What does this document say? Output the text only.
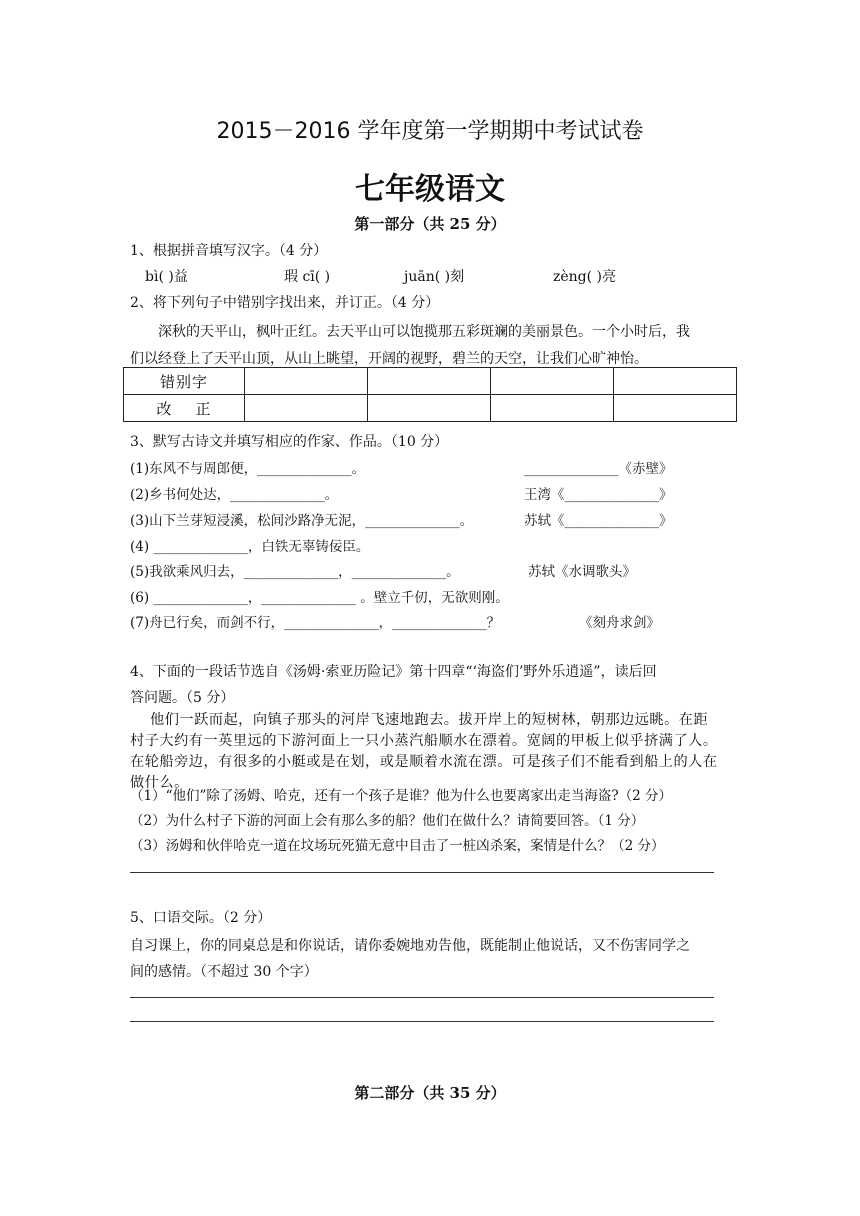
2015－2016 学年度第一学期期中考试试卷
七年级语文
第一部分（共 25 分）
1、根据拼音填写汉字。（4 分）
bì( )益	瑕 cī( )	juān( )刻	zèng( )亮
2、将下列句子中错别字找出来，并订正。（4 分）
深秋的天平山，枫叶正红。去天平山可以饱揽那五彩斑斓的美丽景色。一个小时后，我
们以经登上了天平山顶，从山上眺望，开阔的视野，碧兰的天空，让我们心旷神怡。
错别字				
改    正				
3、默写古诗文并填写相应的作家、作品。（10 分）
(1)东风不与周郎便，______________。	______________《赤壁》
(2)乡书何处达，______________。	王湾《______________》
(3)山下兰芽短浸溪，松间沙路净无泥，______________。	苏轼《______________》
(4) ______________，白铁无辜铸佞臣。
(5)我欲乘风归去，______________，______________。	苏轼《水调歌头》
(6) ______________，______________ 。壁立千仞，无欲则刚。
(7)舟已行矣，而剑不行，______________，______________？	《刻舟求剑》
4、下面的一段话节选自《汤姆·索亚历险记》第十四章“‘海盗们’野外乐逍遥”，读后回
答问题。（5 分）
他们一跃而起，向镇子那头的河岸飞速地跑去。拔开岸上的短树林，朝那边远眺。在距
村子大约有一英里远的下游河面上一只小蒸汽船顺水在漂着。宽阔的甲板上似乎挤满了人。
在轮船旁边，有很多的小艇或是在划，或是顺着水流在漂。可是孩子们不能看到船上的人在
做什么。
（1）“他们”除了汤姆、哈克，还有一个孩子是谁？他为什么也要离家出走当海盗?（2 分）
（2）为什么村子下游的河面上会有那么多的船？他们在做什么？请简要回答。（1 分）
（3）汤姆和伙伴哈克一道在坟场玩死猫无意中目击了一桩凶杀案，案情是什么？（2 分）
5、口语交际。（2 分）
自习课上，你的同桌总是和你说话，请你委婉地劝告他，既能制止他说话，又不伤害同学之
间的感情。（不超过 30 个字）
第二部分（共 35 分）
